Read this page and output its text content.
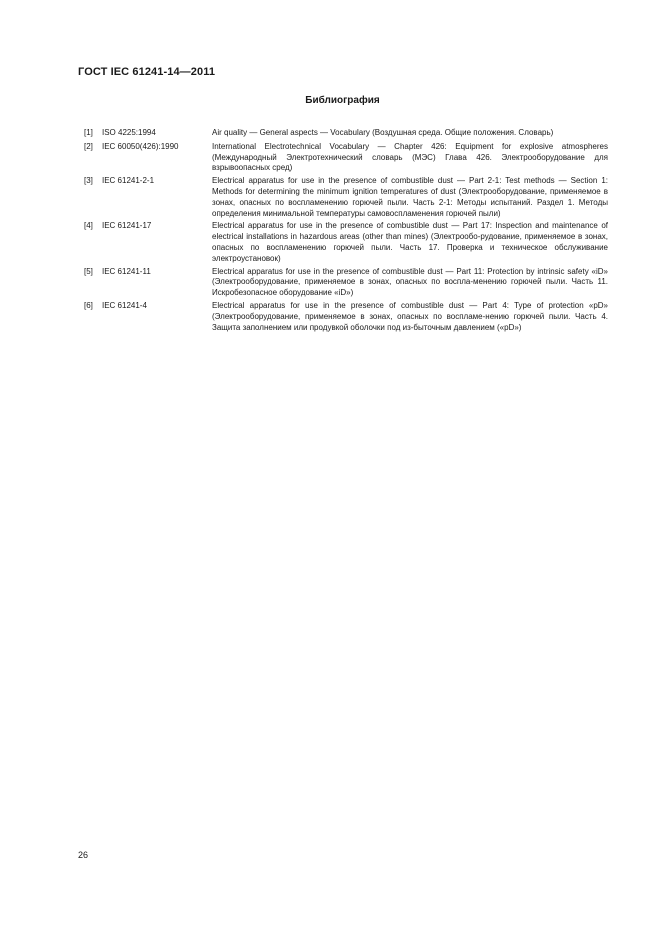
ГОСТ IEC 61241-14—2011
Библиография
[1]	ISO 4225:1994	Air quality — General aspects — Vocabulary (Воздушная среда. Общие положения. Словарь)
[2]	IEC 60050(426):1990	International Electrotechnical Vocabulary — Chapter 426: Equipment for explosive atmospheres (Международный Электротехнический словарь (МЭС) Глава 426. Электрооборудование для взрывоопасных сред)
[3]	IEC 61241-2-1	Electrical apparatus for use in the presence of combustible dust — Part 2-1: Test methods — Section 1: Methods for determining the minimum ignition temperatures of dust (Электрооборудование, применяемое в зонах, опасных по воспламенению горючей пыли. Часть 2-1: Методы испытаний. Раздел 1. Методы определения минимальной температуры самовоспламенения горючей пыли)
[4]	IEC 61241-17	Electrical apparatus for use in the presence of combustible dust — Part 17: Inspection and maintenance of electrical installations in hazardous areas (other than mines) (Электрообо-рудование, применяемое в зонах, опасных по воспламенению горючей пыли. Часть 17. Проверка и техническое обслуживание электроустановок)
[5]	IEC 61241-11	Electrical apparatus for use in the presence of combustible dust — Part 11: Protection by intrinsic safety «iD» (Электрооборудование, применяемое в зонах, опасных по воспла-менению горючей пыли. Часть 11. Искробезопасное оборудование «iD»)
[6]	IEC 61241-4	Electrical apparatus for use in the presence of combustible dust — Part 4: Type of protection «pD» (Электрооборудование, применяемое в зонах, опасных по воспламе-нению горючей пыли. Часть 4. Защита заполнением или продувкой оболочки под из-быточным давлением («pD»)
26
